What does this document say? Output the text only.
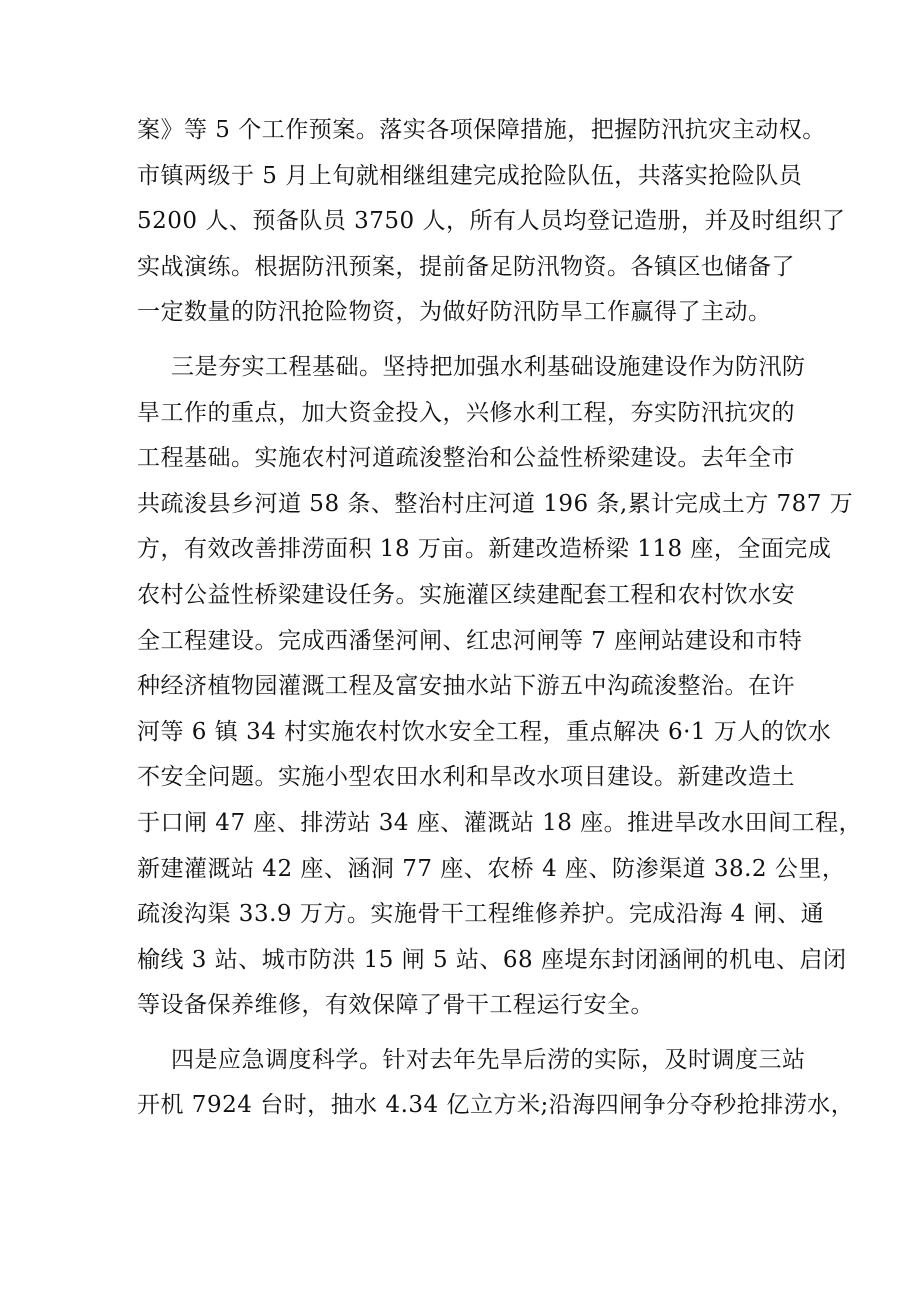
案》等 5 个工作预案。落实各项保障措施，把握防汛抗灾主动权。
市镇两级于 5 月上旬就相继组建完成抢险队伍，共落实抢险队员
5200 人、预备队员 3750 人，所有人员均登记造册，并及时组织了
实战演练。根据防汛预案，提前备足防汛物资。各镇区也储备了
一定数量的防汛抢险物资，为做好防汛防旱工作赢得了主动。
三是夯实工程基础。坚持把加强水利基础设施建设作为防汛防
旱工作的重点，加大资金投入，兴修水利工程，夯实防汛抗灾的
工程基础。实施农村河道疏浚整治和公益性桥梁建设。去年全市
共疏浚县乡河道 58 条、整治村庄河道 196 条,累计完成土方 787 万
方，有效改善排涝面积 18 万亩。新建改造桥梁 118 座，全面完成
农村公益性桥梁建设任务。实施灌区续建配套工程和农村饮水安
全工程建设。完成西潘堡河闸、红忠河闸等 7 座闸站建设和市特
种经济植物园灌溉工程及富安抽水站下游五中沟疏浚整治。在许
河等 6 镇 34 村实施农村饮水安全工程，重点解决 6·1 万人的饮水
不安全问题。实施小型农田水利和旱改水项目建设。新建改造土
于口闸 47 座、排涝站 34 座、灌溉站 18 座。推进旱改水田间工程，
新建灌溉站 42 座、涵洞 77 座、农桥 4 座、防渗渠道 38.2 公里，
疏浚沟渠 33.9 万方。实施骨干工程维修养护。完成沿海 4 闸、通
榆线 3 站、城市防洪 15 闸 5 站、68 座堤东封闭涵闸的机电、启闭
等设备保养维修，有效保障了骨干工程运行安全。
四是应急调度科学。针对去年先旱后涝的实际，及时调度三站
开机 7924 台时，抽水 4.34 亿立方米;沿海四闸争分夺秒抢排涝水，
